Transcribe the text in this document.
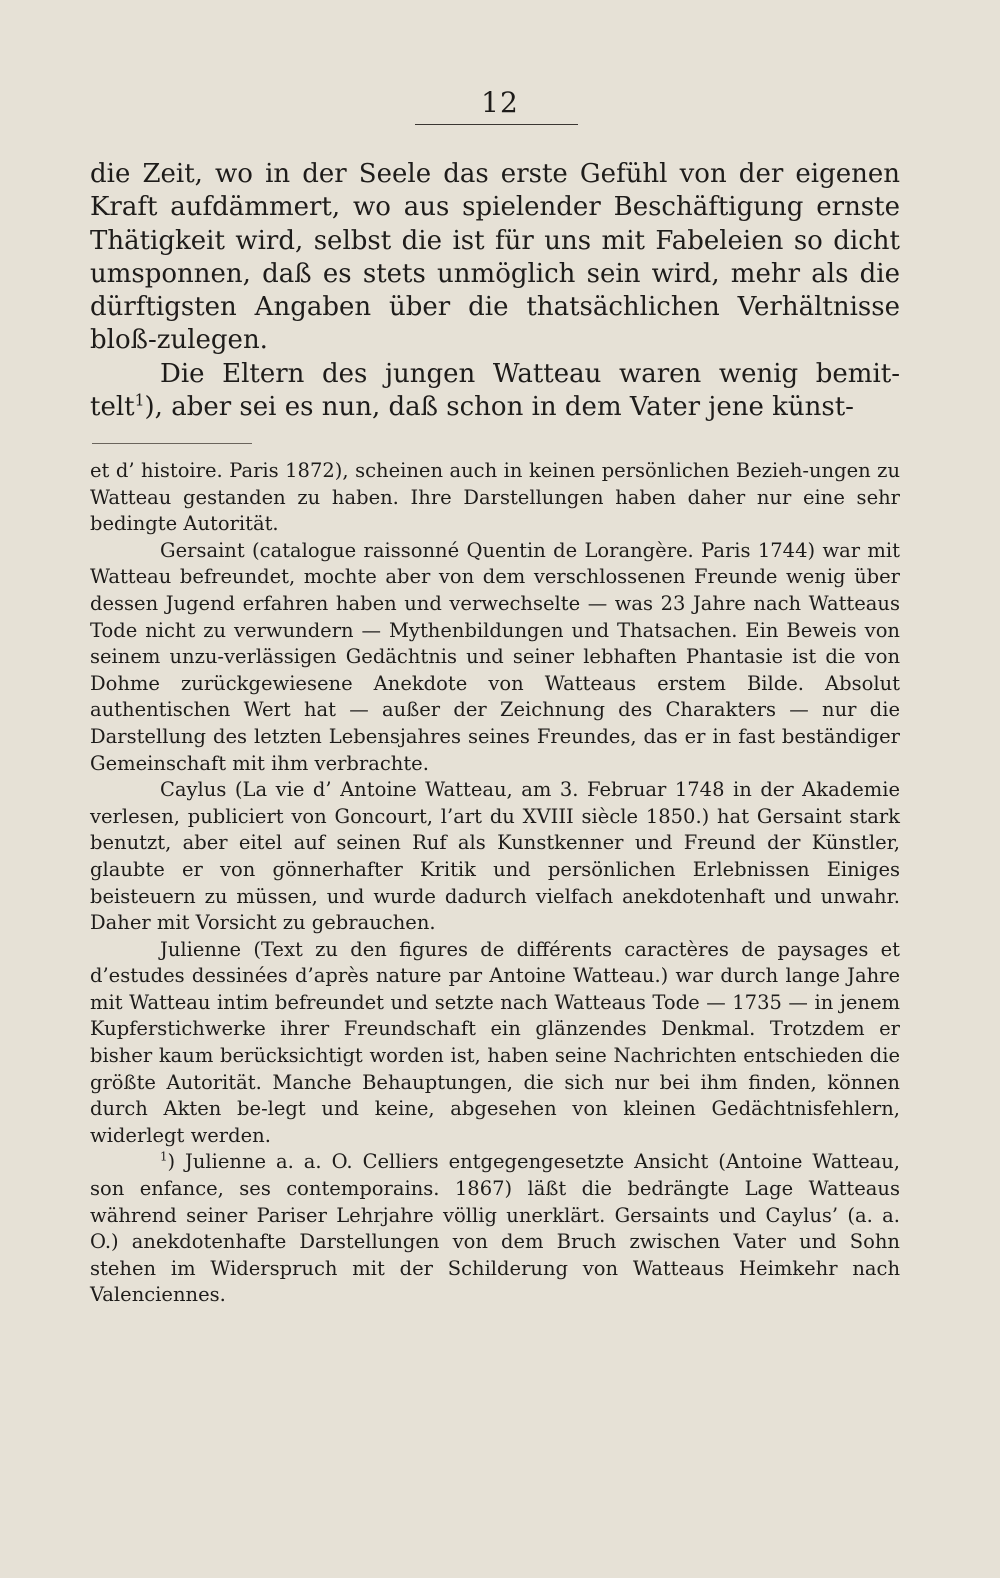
12

die Zeit, wo in der Seele das erste Gefühl von der eigenen Kraft aufdämmert, wo aus spielender Beschäftigung ernste Thätigkeit wird, selbst die ist für uns mit Fabeleien so dicht umsponnen, daß es stets unmöglich sein wird, mehr als die dürftigsten Angaben über die thatsächlichen Verhältnisse bloß-zulegen.

Die Eltern des jungen Watteau waren wenig bemit-telt$^1$), aber sei es nun, daß schon in dem Vater jene künst-

et d’ histoire. Paris 1872), scheinen auch in keinen persönlichen Bezieh-ungen zu Watteau gestanden zu haben. Ihre Darstellungen haben daher nur eine sehr bedingte Autorität.

Gersaint (catalogue raissonné Quentin de Lorangère. Paris 1744) war mit Watteau befreundet, mochte aber von dem verschlossenen Freunde wenig über dessen Jugend erfahren haben und verwechselte — was 23 Jahre nach Watteaus Tode nicht zu verwundern — Mythenbildungen und Thatsachen. Ein Beweis von seinem unzu-verlässigen Gedächtnis und seiner lebhaften Phantasie ist die von Dohme zurückgewiesene Anekdote von Watteaus erstem Bilde. Absolut authentischen Wert hat — außer der Zeichnung des Charakters — nur die Darstellung des letzten Lebensjahres seines Freundes, das er in fast beständiger Gemeinschaft mit ihm verbrachte.

Caylus (La vie d’ Antoine Watteau, am 3. Februar 1748 in der Akademie verlesen, publiciert von Goncourt, l’art du XVIII siècle 1850.) hat Gersaint stark benutzt, aber eitel auf seinen Ruf als Kunstkenner und Freund der Künstler, glaubte er von gönnerhafter Kritik und persönlichen Erlebnissen Einiges beisteuern zu müssen, und wurde dadurch vielfach anekdotenhaft und unwahr. Daher mit Vorsicht zu gebrauchen.

Julienne (Text zu den figures de différents caractères de paysages et d’estudes dessinées d’après nature par Antoine Watteau.) war durch lange Jahre mit Watteau intim befreundet und setzte nach Watteaus Tode — 1735 — in jenem Kupferstichwerke ihrer Freundschaft ein glänzendes Denkmal. Trotzdem er bisher kaum berücksichtigt worden ist, haben seine Nachrichten entschieden die größte Autorität. Manche Behauptungen, die sich nur bei ihm finden, können durch Akten be-legt und keine, abgesehen von kleinen Gedächtnisfehlern, widerlegt werden.

$^1$) Julienne a. a. O. Celliers entgegengesetzte Ansicht (Antoine Watteau, son enfance, ses contemporains. 1867) läßt die bedrängte Lage Watteaus während seiner Pariser Lehrjahre völlig unerklärt. Gersaints und Caylus’ (a. a. O.) anekdotenhafte Darstellungen von dem Bruch zwischen Vater und Sohn stehen im Widerspruch mit der Schilderung von Watteaus Heimkehr nach Valenciennes.
